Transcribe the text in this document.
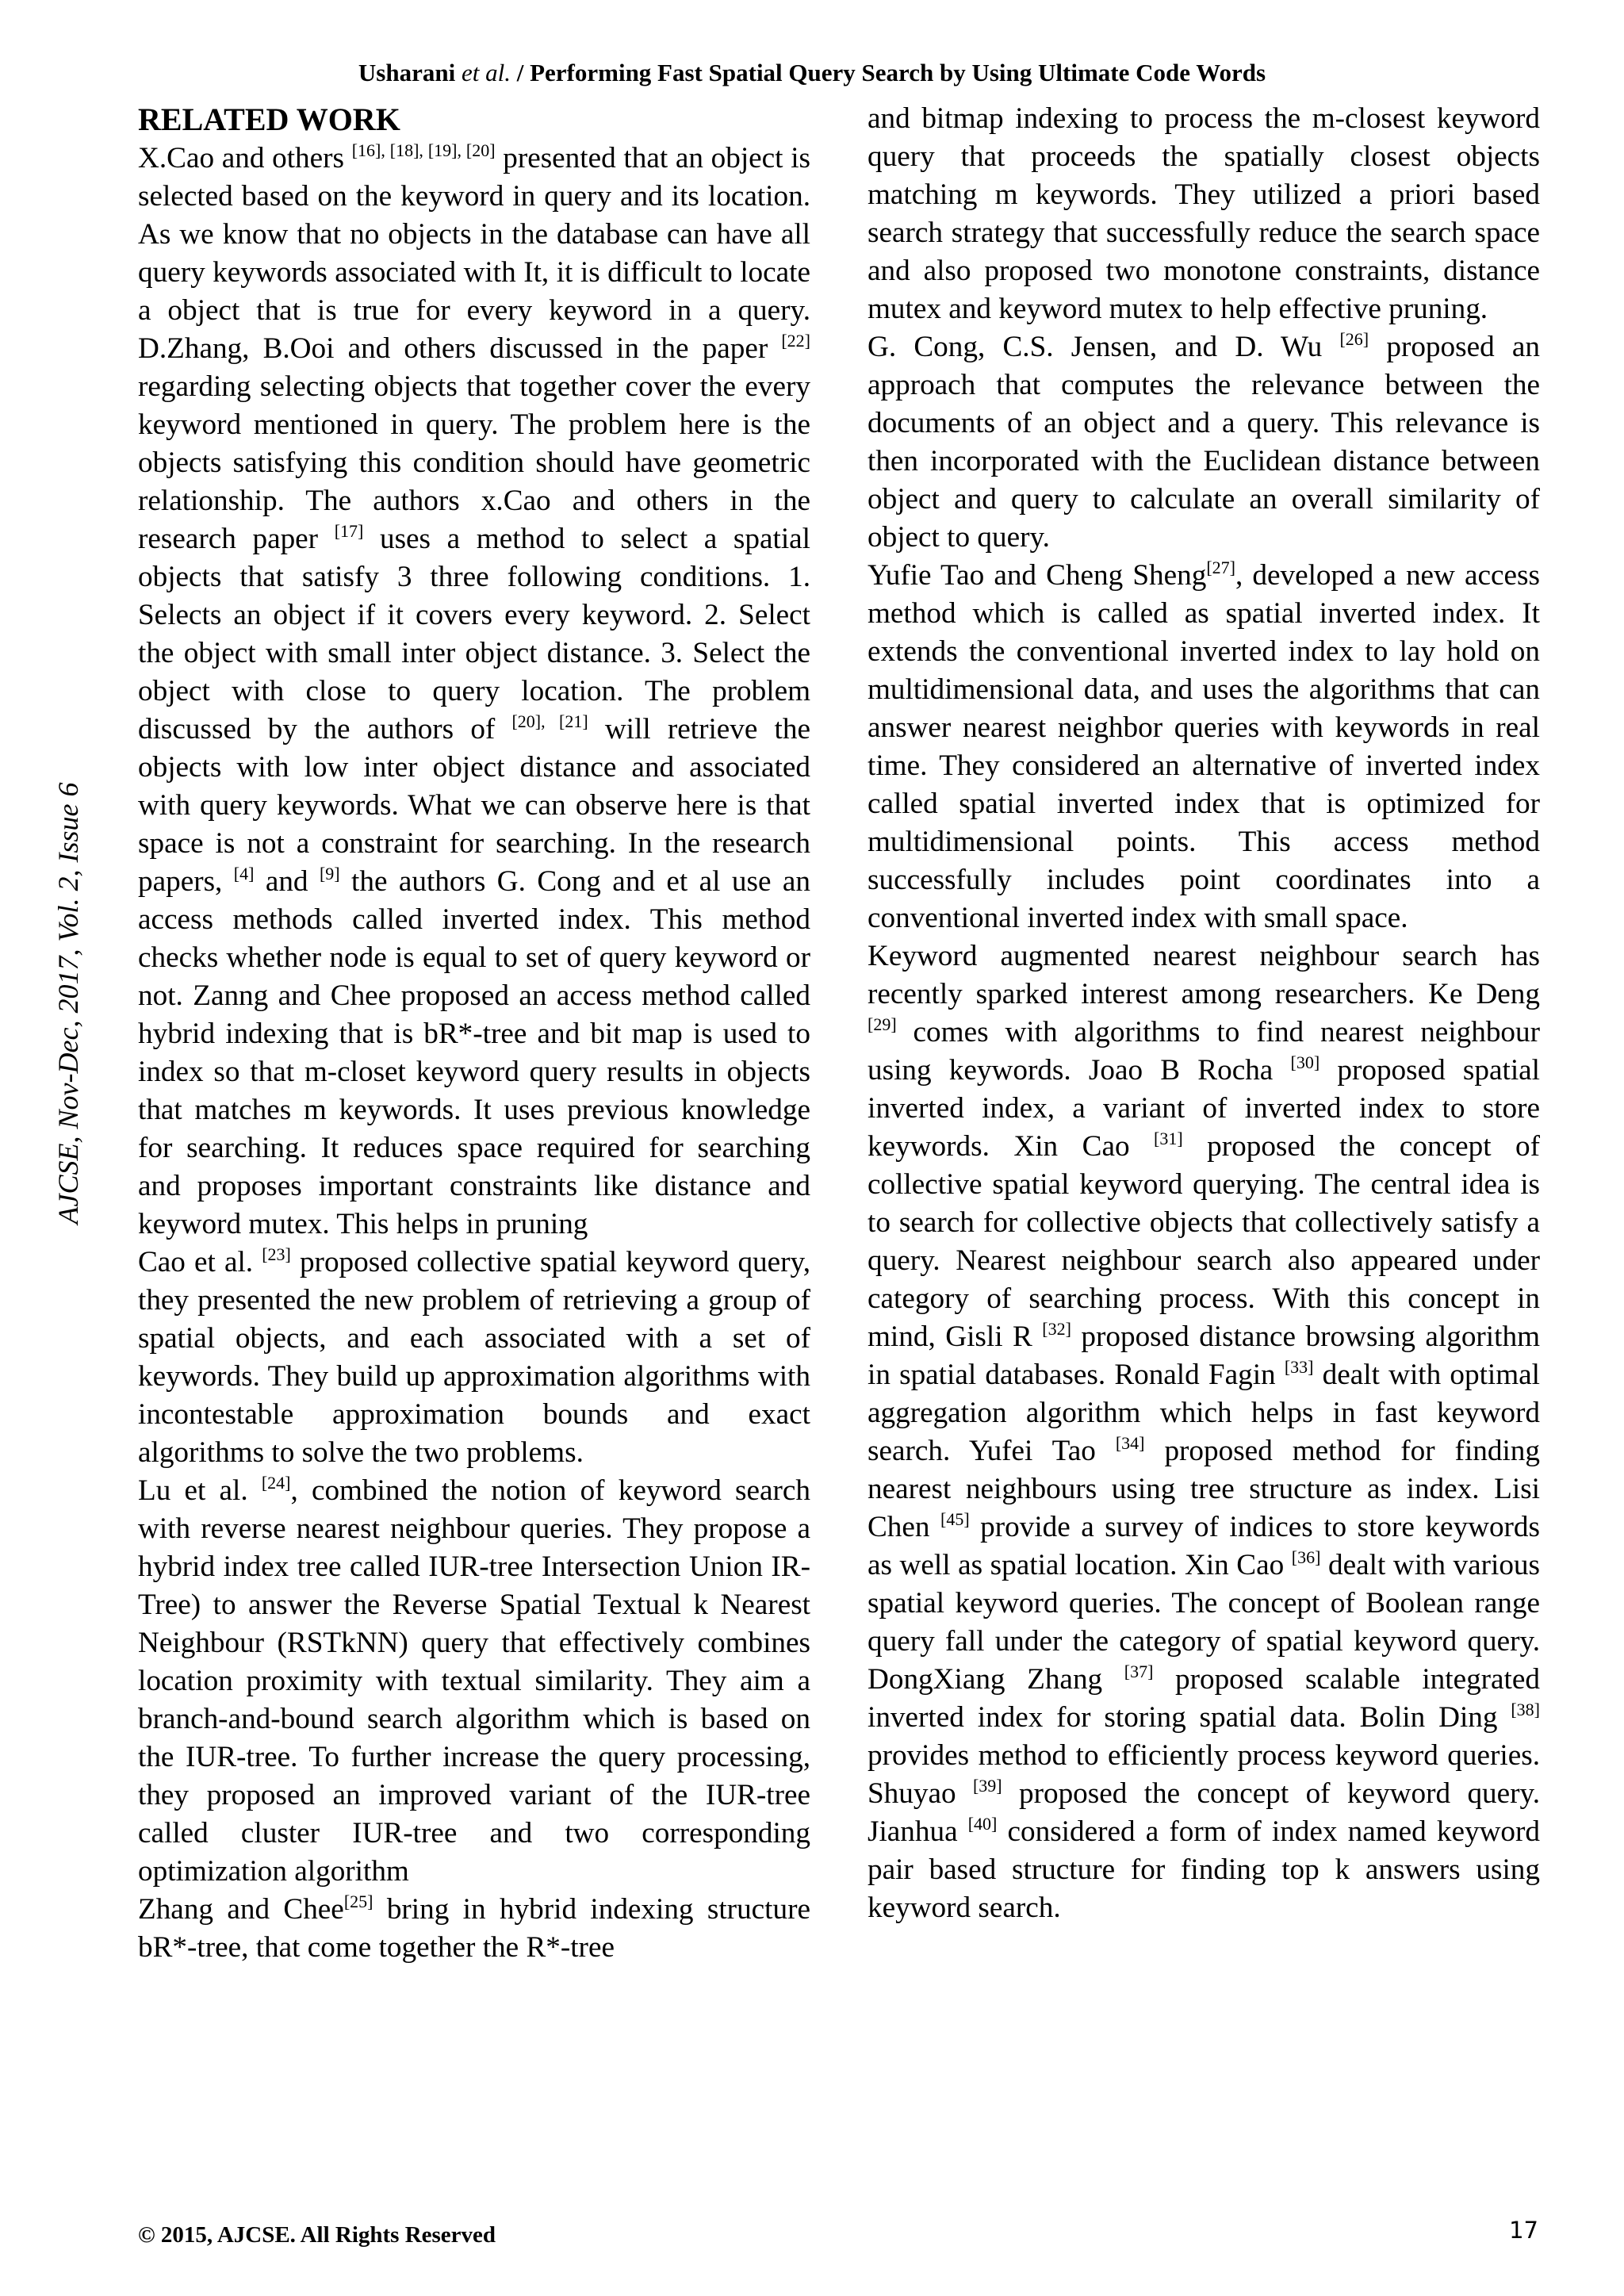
Usharani et al. / Performing Fast Spatial Query Search by Using Ultimate Code Words
AJCSE, Nov-Dec, 2017, Vol. 2, Issue 6
RELATED WORK

X.Cao and others [16], [18], [19], [20] presented that an object is selected based on the keyword in query and its location. As we know that no objects in the database can have all query keywords associated with It, it is difficult to locate a object that is true for every keyword in a query. D.Zhang, B.Ooi and others discussed in the paper [22] regarding selecting objects that together cover the every keyword mentioned in query. The problem here is the objects satisfying this condition should have geometric relationship. The authors x.Cao and others in the research paper [17] uses a method to select a spatial objects that satisfy 3 three following conditions. 1. Selects an object if it covers every keyword. 2. Select the object with small inter object distance. 3. Select the object with close to query location. The problem discussed by the authors of [20], [21] will retrieve the objects with low inter object distance and associated with query keywords. What we can observe here is that space is not a constraint for searching. In the research papers, [4] and [9] the authors G. Cong and et al use an access methods called inverted index. This method checks whether node is equal to set of query keyword or not. Zanng and Chee proposed an access method called hybrid indexing that is bR*-tree and bit map is used to index so that m-closet keyword query results in objects that matches m keywords. It uses previous knowledge for searching. It reduces space required for searching and proposes important constraints like distance and keyword mutex. This helps in pruning

Cao et al. [23] proposed collective spatial keyword query, they presented the new problem of retrieving a group of spatial objects, and each associated with a set of keywords. They build up approximation algorithms with incontestable approximation bounds and exact algorithms to solve the two problems.

Lu et al. [24], combined the notion of keyword search with reverse nearest neighbour queries. They propose a hybrid index tree called IUR-tree Intersection Union IR-Tree) to answer the Reverse Spatial Textual k Nearest Neighbour (RSTkNN) query that effectively combines location proximity with textual similarity. They aim a branch-and-bound search algorithm which is based on the IUR-tree. To further increase the query processing, they proposed an improved variant of the IUR-tree called cluster IUR-tree and two corresponding optimization algorithm

Zhang and Chee[25] bring in hybrid indexing structure bR*-tree, that come together the R*-tree

and bitmap indexing to process the m-closest keyword query that proceeds the spatially closest objects matching m keywords. They utilized a priori based search strategy that successfully reduce the search space and also proposed two monotone constraints, distance mutex and keyword mutex to help effective pruning.

G. Cong, C.S. Jensen, and D. Wu [26] proposed an approach that computes the relevance between the documents of an object and a query. This relevance is then incorporated with the Euclidean distance between object and query to calculate an overall similarity of object to query.

Yufie Tao and Cheng Sheng[27], developed a new access method which is called as spatial inverted index. It extends the conventional inverted index to lay hold on multidimensional data, and uses the algorithms that can answer nearest neighbor queries with keywords in real time. They considered an alternative of inverted index called spatial inverted index that is optimized for multidimensional points. This access method successfully includes point coordinates into a conventional inverted index with small space.

Keyword augmented nearest neighbour search has recently sparked interest among researchers. Ke Deng [29] comes with algorithms to find nearest neighbour using keywords. Joao B Rocha [30] proposed spatial inverted index, a variant of inverted index to store keywords. Xin Cao [31] proposed the concept of collective spatial keyword querying. The central idea is to search for collective objects that collectively satisfy a query. Nearest neighbour search also appeared under category of searching process. With this concept in mind, Gisli R [32] proposed distance browsing algorithm in spatial databases. Ronald Fagin [33] dealt with optimal aggregation algorithm which helps in fast keyword search. Yufei Tao [34] proposed method for finding nearest neighbours using tree structure as index. Lisi Chen [45] provide a survey of indices to store keywords as well as spatial location. Xin Cao [36] dealt with various spatial keyword queries. The concept of Boolean range query fall under the category of spatial keyword query. DongXiang Zhang [37] proposed scalable integrated inverted index for storing spatial data. Bolin Ding [38] provides method to efficiently process keyword queries. Shuyao [39] proposed the concept of keyword query. Jianhua [40] considered a form of index named keyword pair based structure for finding top k answers using keyword search.

© 2015, AJCSE. All Rights Reserved	17
